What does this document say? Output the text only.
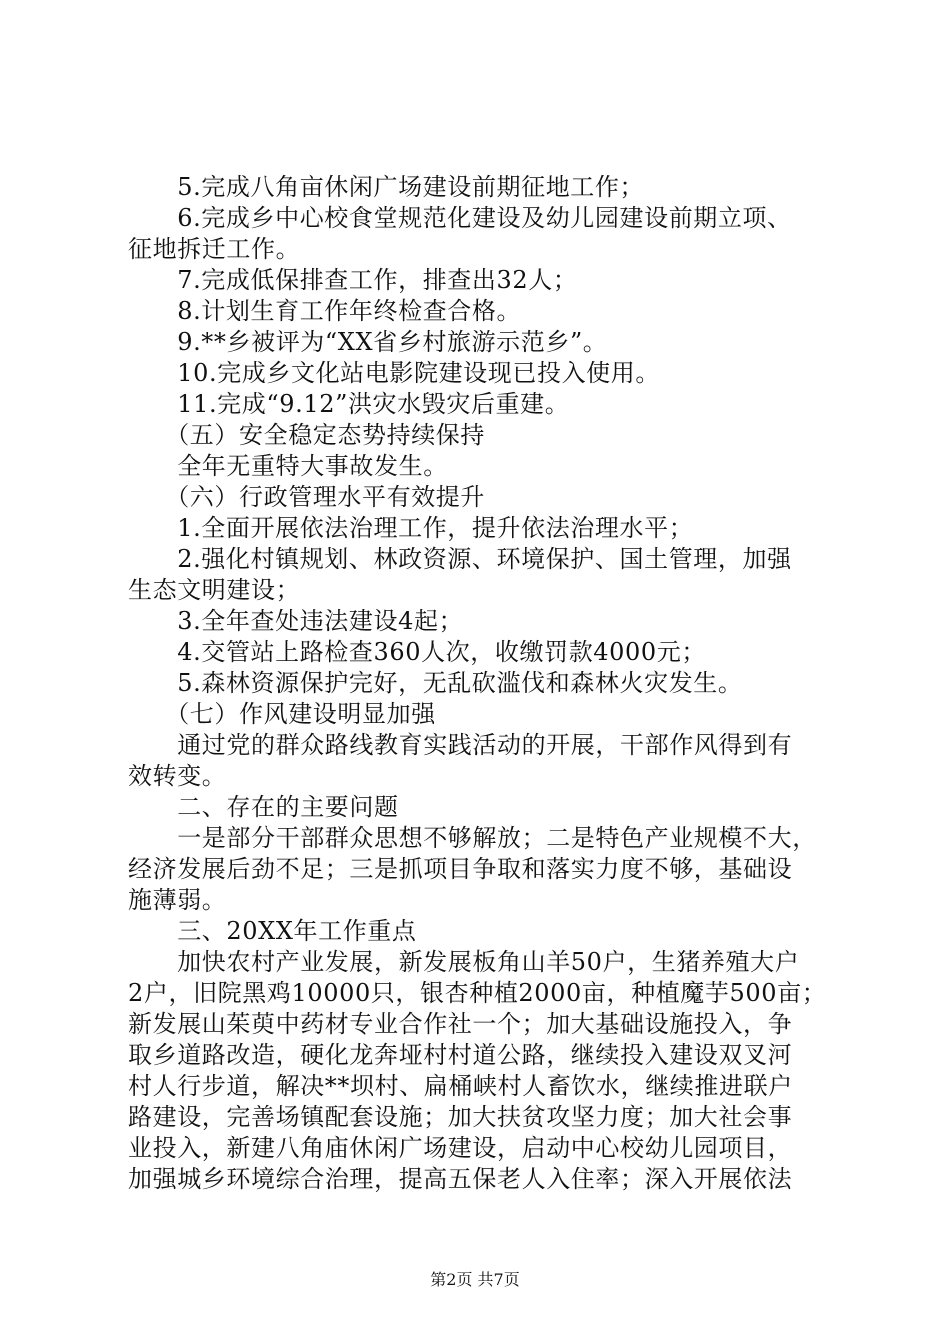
　　5.完成八角亩休闲广场建设前期征地工作；
　　6.完成乡中心校食堂规范化建设及幼儿园建设前期立项、
征地拆迁工作。
　　7.完成低保排查工作，排查出32人；
　　8.计划生育工作年终检查合格。
　　9.**乡被评为“XX省乡村旅游示范乡”。
　　10.完成乡文化站电影院建设现已投入使用。
　　11.完成“9.12”洪灾水毁灾后重建。
　　（五）安全稳定态势持续保持
　　全年无重特大事故发生。
　　（六）行政管理水平有效提升
　　1.全面开展依法治理工作，提升依法治理水平；
　　2.强化村镇规划、林政资源、环境保护、国土管理，加强
生态文明建设；
　　3.全年查处违法建设4起；
　　4.交管站上路检查360人次，收缴罚款4000元；
　　5.森林资源保护完好，无乱砍滥伐和森林火灾发生。
　　（七）作风建设明显加强
　　通过党的群众路线教育实践活动的开展，干部作风得到有
效转变。
　　二、存在的主要问题
　　一是部分干部群众思想不够解放；二是特色产业规模不大，
经济发展后劲不足；三是抓项目争取和落实力度不够，基础设
施薄弱。
　　三、20XX年工作重点
　　加快农村产业发展，新发展板角山羊50户，生猪养殖大户
2户，旧院黑鸡10000只，银杏种植2000亩，种植魔芋500亩；
新发展山茱萸中药材专业合作社一个；加大基础设施投入，争
取乡道路改造，硬化龙奔垭村村道公路，继续投入建设双叉河
村人行步道，解决**坝村、扁桶峡村人畜饮水，继续推进联户
路建设，完善场镇配套设施；加大扶贫攻坚力度；加大社会事
业投入，新建八角庙休闲广场建设，启动中心校幼儿园项目，
加强城乡环境综合治理，提高五保老人入住率；深入开展依法
第2页 共7页
